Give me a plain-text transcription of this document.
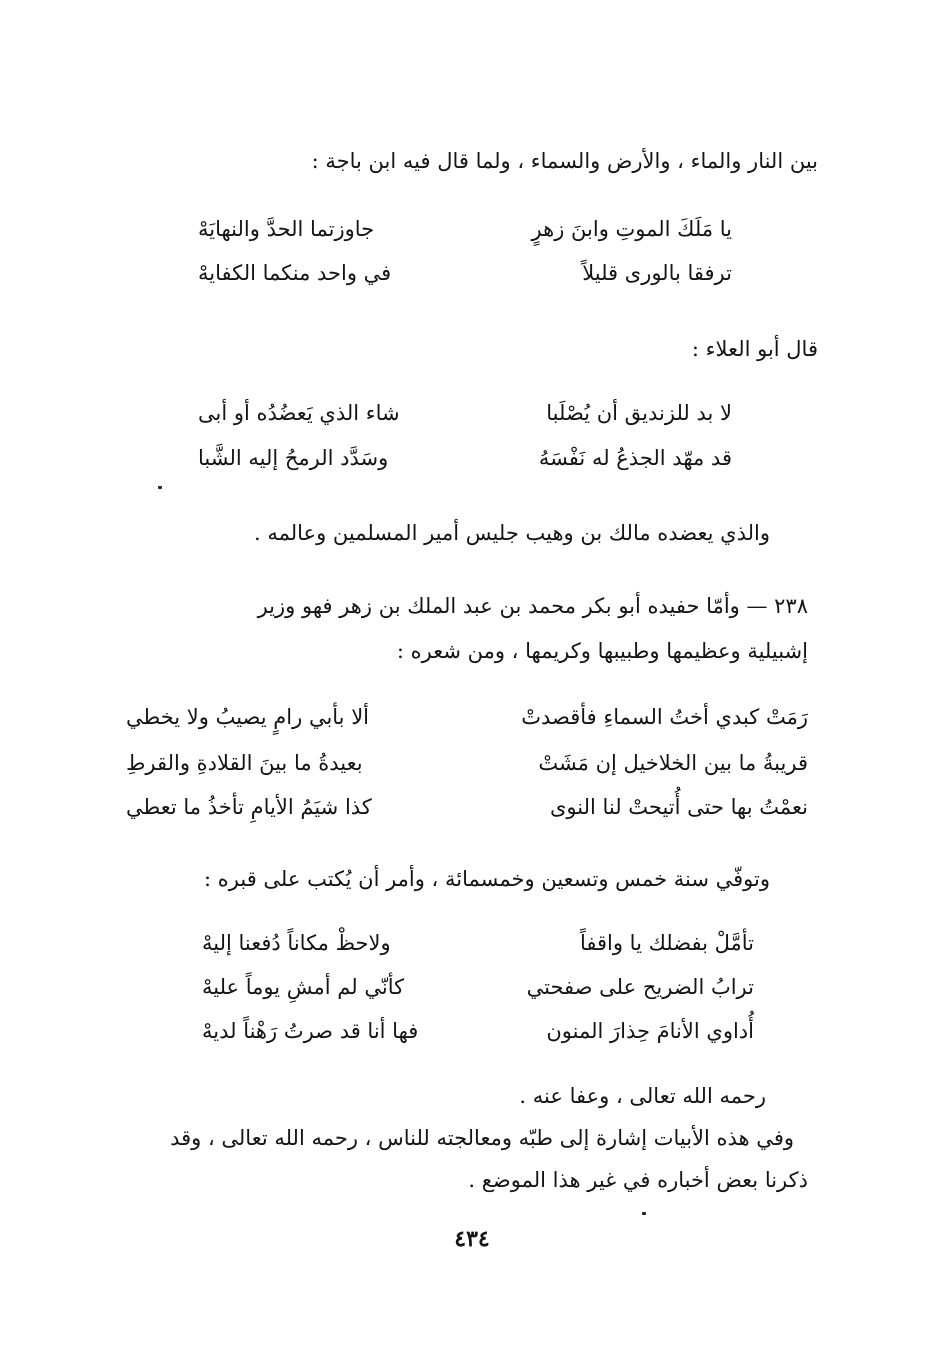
بين النار والماء ، والأرض والسماء ، ولما قال فيه ابن باجة :
يا مَلَكَ الموتِ وابنَ زهرٍ
جاوزتما الحدَّ والنهايَهْ
ترفقا بالورى قليلاً
في واحد منكما الكفايهْ
قال أبو العلاء :
لا بد للزنديق أن يُصْلَبا
شاء الذي يَعضُدُه أو أبى
قد مهّد الجذعُ له نَفْسَهُ
وسَدَّد الرمحُ إليه الشَّبا
والذي يعضده مالك بن وهيب جليس أمير المسلمين وعالمه .
٢٣٨ — وأمّا حفيده أبو بكر محمد بن عبد الملك بن زهر فهو وزير
إشبيلية وعظيمها وطبيبها وكريمها ، ومن شعره :
رَمَتْ كبدي أختُ السماءِ فأقصدتْ
ألا بأبي رامٍ يصيبُ ولا يخطي
قريبةُ ما بين الخلاخيل إن مَشَتْ
بعيدةُ ما بينَ القلادةِ والقرطِ
نعمْتُ بها حتى أُتيحتْ لنا النوى
كذا شيَمُ الأيامِ تأخذُ ما تعطي
وتوفّي سنة خمس وتسعين وخمسمائة ، وأمر أن يُكتب على قبره :
تأمَّلْ بفضلك يا واقفاً
ولاحظْ مكاناً دُفعنا إليهْ
ترابُ الضريح على صفحتي
كأنّي لم أمشِ يوماً عليهْ
أُداوي الأنامَ حِذارَ المنون
فها أنا قد صرتُ رَهْناً لديهْ
رحمه الله تعالى ، وعفا عنه .
وفي هذه الأبيات إشارة إلى طبّه ومعالجته للناس ، رحمه الله تعالى ، وقد
ذكرنا بعض أخباره في غير هذا الموضع .
٤٣٤
